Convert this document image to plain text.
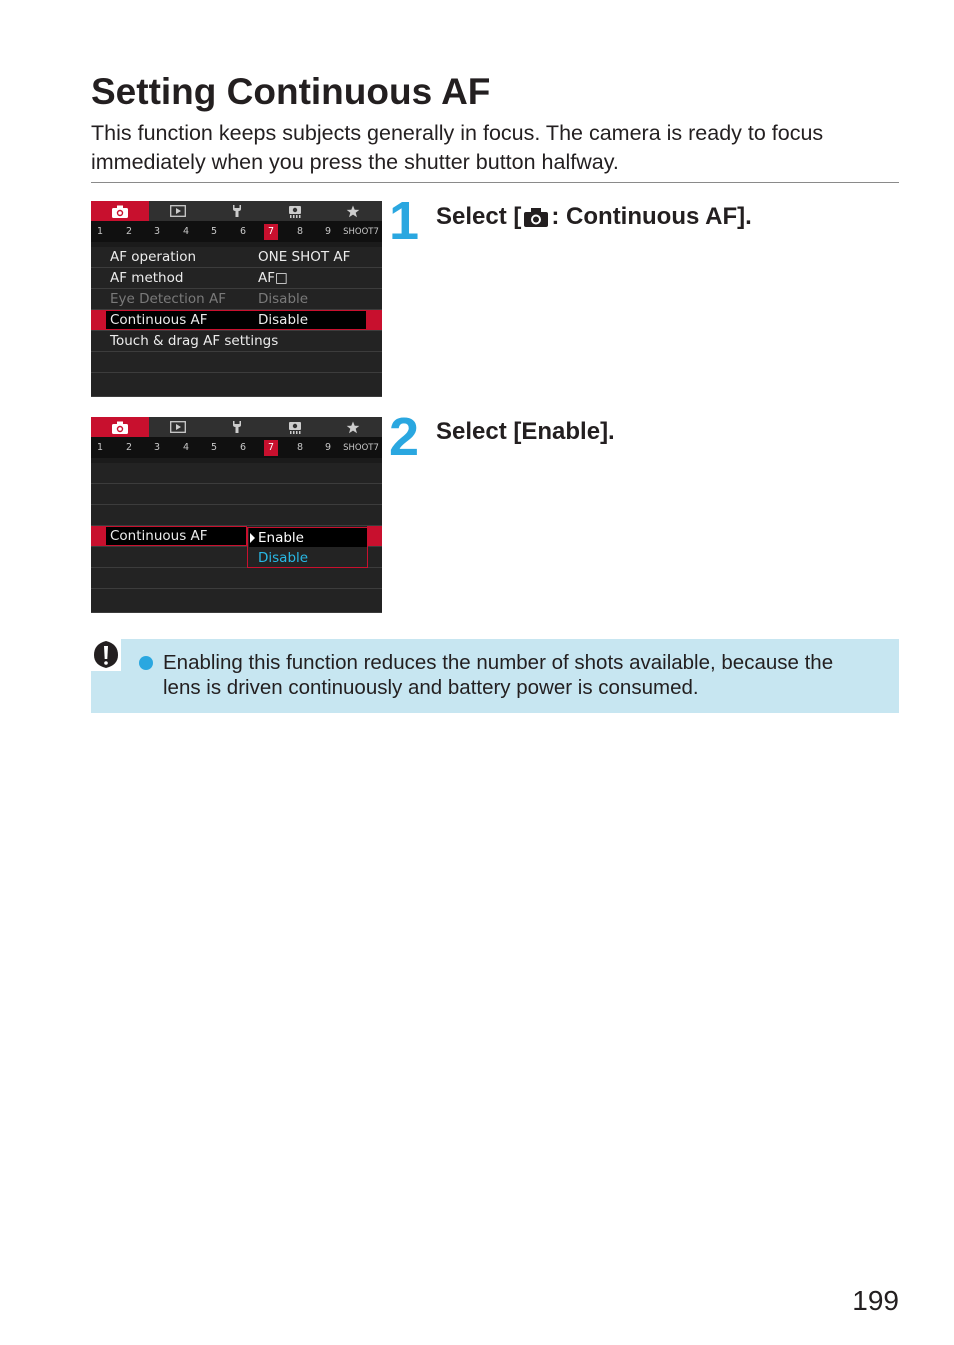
Setting Continuous AF
This function keeps subjects generally in focus. The camera is ready to focus immediately when you press the shutter button halfway.
1	2	3	4	5	6	7	8	9	SHOOT7
AF operation	ONE SHOT AF
AF method	AF□
Eye Detection AF Disable
Continuous AF	Disable
Touch & drag AF settings
1 Select [ : Continuous AF].
1	2	3	4	5	6	7	8	9	SHOOT7
Continuous AF	Enable
Disable
2 Select [Enable].
Enabling this function reduces the number of shots available, because the lens is driven continuously and battery power is consumed.
199
